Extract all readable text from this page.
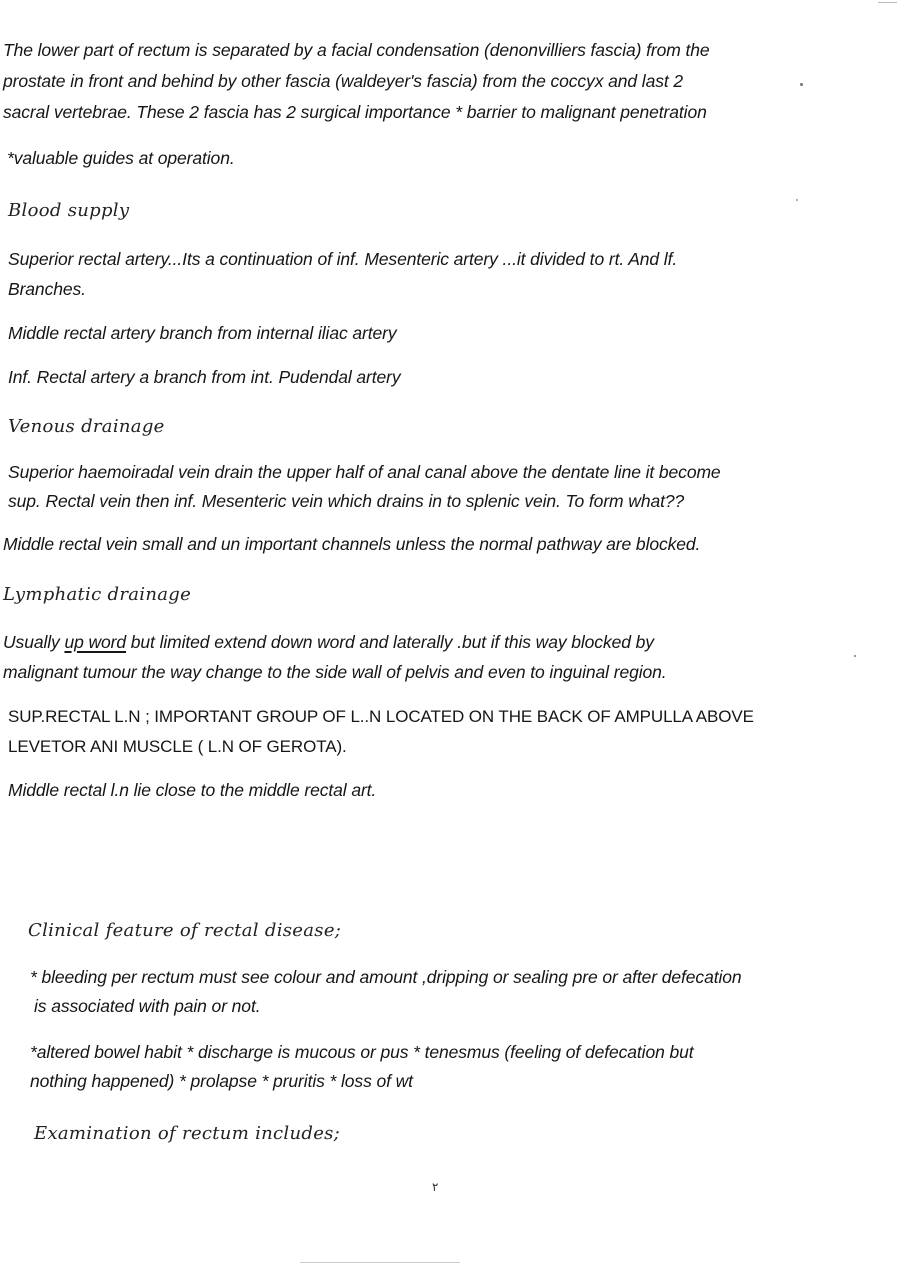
The lower part of rectum is separated by a facial condensation (denonvilliers fascia) from the
prostate in front and behind by other fascia (waldeyer's fascia) from the coccyx and last 2
sacral vertebrae. These 2 fascia has 2 surgical importance * barrier to malignant penetration
*valuable guides at operation.
Blood supply
Superior rectal artery...Its a continuation of inf. Mesenteric artery ...it divided to rt. And lf.
Branches.
Middle rectal artery branch from internal iliac artery
Inf. Rectal artery a branch from int. Pudendal artery
Venous drainage
Superior haemoiradal vein drain the upper half of anal canal above the dentate line it become
sup. Rectal vein then inf. Mesenteric vein which drains in to splenic vein. To form what??
Middle rectal vein small and un important channels unless the normal pathway are blocked.
Lymphatic drainage
Usually up word but limited extend down word and laterally .but if this way blocked by
malignant tumour the way change to the side wall of pelvis and even to inguinal region.
SUP.RECTAL L.N ; IMPORTANT GROUP OF L..N LOCATED ON THE BACK OF AMPULLA ABOVE
LEVETOR ANI MUSCLE ( L.N OF GEROTA).
Middle rectal l.n lie close to the middle rectal art.
Clinical feature of rectal disease;
* bleeding per rectum must see colour and amount ,dripping or sealing pre or after defecation
is associated with pain or not.
*altered bowel habit * discharge is mucous or pus * tenesmus (feeling of defecation but
nothing happened) * prolapse * pruritis * loss of wt
Examination of rectum includes;
٢
